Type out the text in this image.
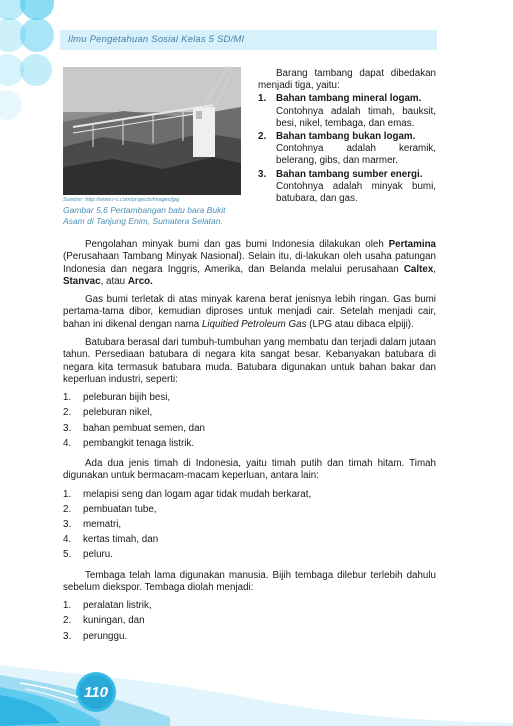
Ilmu Pengetahuan Sosial Kelas 5 SD/MI
Sumber: http://www.r-c.com/projects/images/jpg
Gambar 5.6 Pertambangan batu bara Bukit Asam di Tanjung Enim, Sumatera Selatan.

Barang tambang dapat dibedakan menjadi tiga, yaitu:

1.	Bahan tambang mineral logam.
Contohnya adalah timah, bauksit, besi, nikel, tembaga, dan emas.
2.	Bahan tambang bukan logam.
Contohnya adalah keramik, belerang, gibs, dan marmer.
3.	Bahan tambang sumber energi.
Contohnya adalah minyak bumi, batubara, dan gas.

Pengolahan minyak bumi dan gas bumi Indonesia dilakukan oleh Pertamina (Perusahaan Tambang Minyak Nasional). Selain itu, di-lakukan oleh usaha patungan Indonesia dan negara Inggris, Amerika, dan Belanda melalui perusahaan Caltex, Stanvac, atau Arco.

Gas bumi terletak di atas minyak karena berat jenisnya lebih ringan. Gas bumi pertama-tama dibor, kemudian diproses untuk menjadi cair. Setelah menjadi cair, bahan ini dikenal dengan nama Liquitied Petroleum Gas (LPG atau dibaca elpiji).

Batubara berasal dari tumbuh-tumbuhan yang membatu dan terjadi dalam jutaan tahun. Persediaan batubara di negara kita sangat besar. Kebanyakan batubara di negara kita termasuk batubara muda. Batubara digunakan untuk bahan bakar dan keperluan industri, seperti:

1.	peleburan bijih besi,
2.	peleburan nikel,
3.	bahan pembuat semen, dan
4.	pembangkit tenaga listrik.

Ada dua jenis timah di Indonesia, yaitu timah putih dan timah hitam. Timah digunakan untuk bermacam-macam keperluan, antara lain:

1.	melapisi seng dan logam agar tidak mudah berkarat,
2.	pembuatan tube,
3.	mematri,
4.	kertas timah, dan
5.	peluru.

Tembaga telah lama digunakan manusia. Bijih tembaga dilebur terlebih dahulu sebelum diekspor. Tembaga diolah menjadi:

1.	peralatan listrik,
2.	kuningan, dan
3.	perunggu.
110
